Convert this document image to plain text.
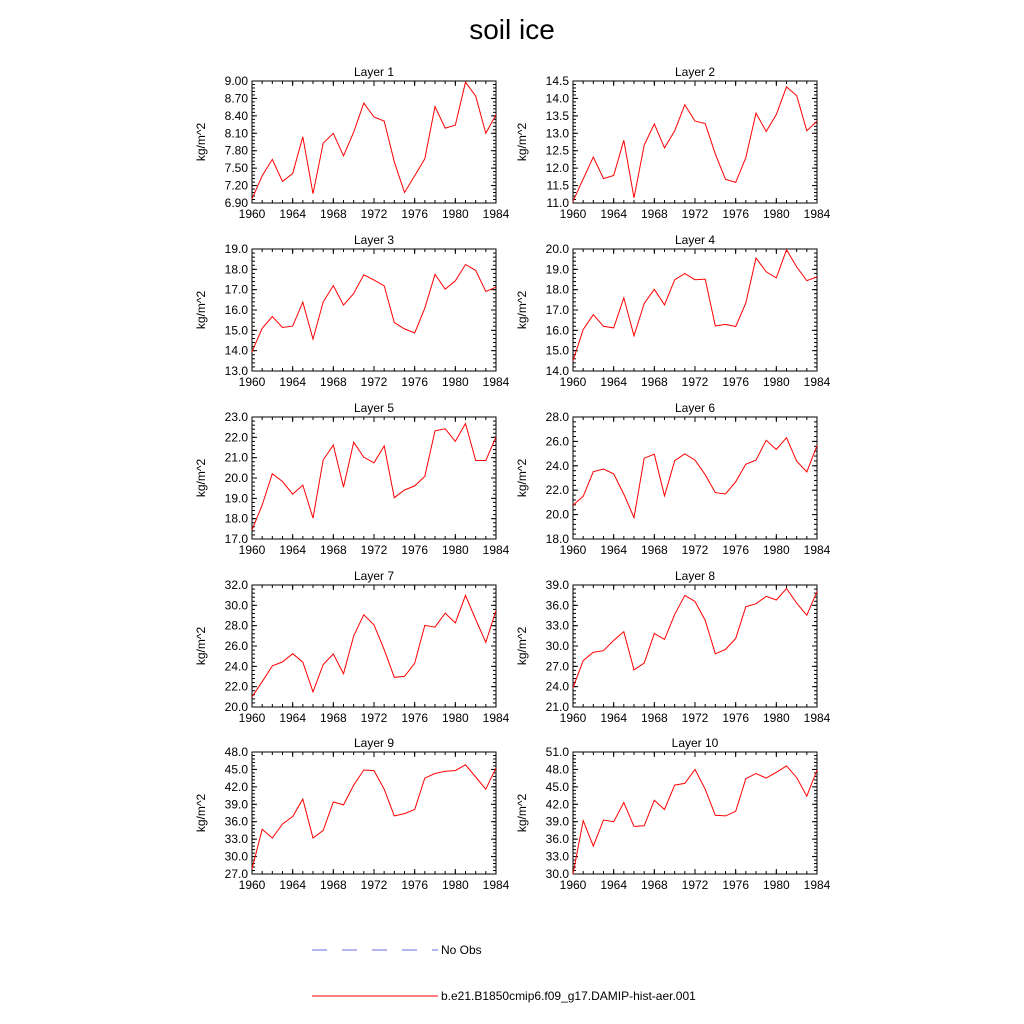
soil ice
Layer 1
kg/m^2
6.90
7.20
7.50
7.80
8.10
8.40
8.70
9.00
1960 1964 1968 1972 1976 1980 1984
Layer 2
kg/m^2
11.0
11.5
12.0
12.5
13.0
13.5
14.0
14.5
1960 1964 1968 1972 1976 1980 1984
Layer 3
kg/m^2
13.0
14.0
15.0
16.0
17.0
18.0
19.0
1960 1964 1968 1972 1976 1980 1984
Layer 4
kg/m^2
14.0
15.0
16.0
17.0
18.0
19.0
20.0
1960 1964 1968 1972 1976 1980 1984
Layer 5
kg/m^2
17.0
18.0
19.0
20.0
21.0
22.0
23.0
1960 1964 1968 1972 1976 1980 1984
Layer 6
kg/m^2
18.0
20.0
22.0
24.0
26.0
28.0
1960 1964 1968 1972 1976 1980 1984
Layer 7
kg/m^2
20.0
22.0
24.0
26.0
28.0
30.0
32.0
1960 1964 1968 1972 1976 1980 1984
Layer 8
kg/m^2
21.0
24.0
27.0
30.0
33.0
36.0
39.0
1960 1964 1968 1972 1976 1980 1984
Layer 9
kg/m^2
27.0
30.0
33.0
36.0
39.0
42.0
45.0
48.0
1960 1964 1968 1972 1976 1980 1984
Layer 10
kg/m^2
30.0
33.0
36.0
39.0
42.0
45.0
48.0
51.0
1960 1964 1968 1972 1976 1980 1984
No Obs
b.e21.B1850cmip6.f09_g17.DAMIP-hist-aer.001
